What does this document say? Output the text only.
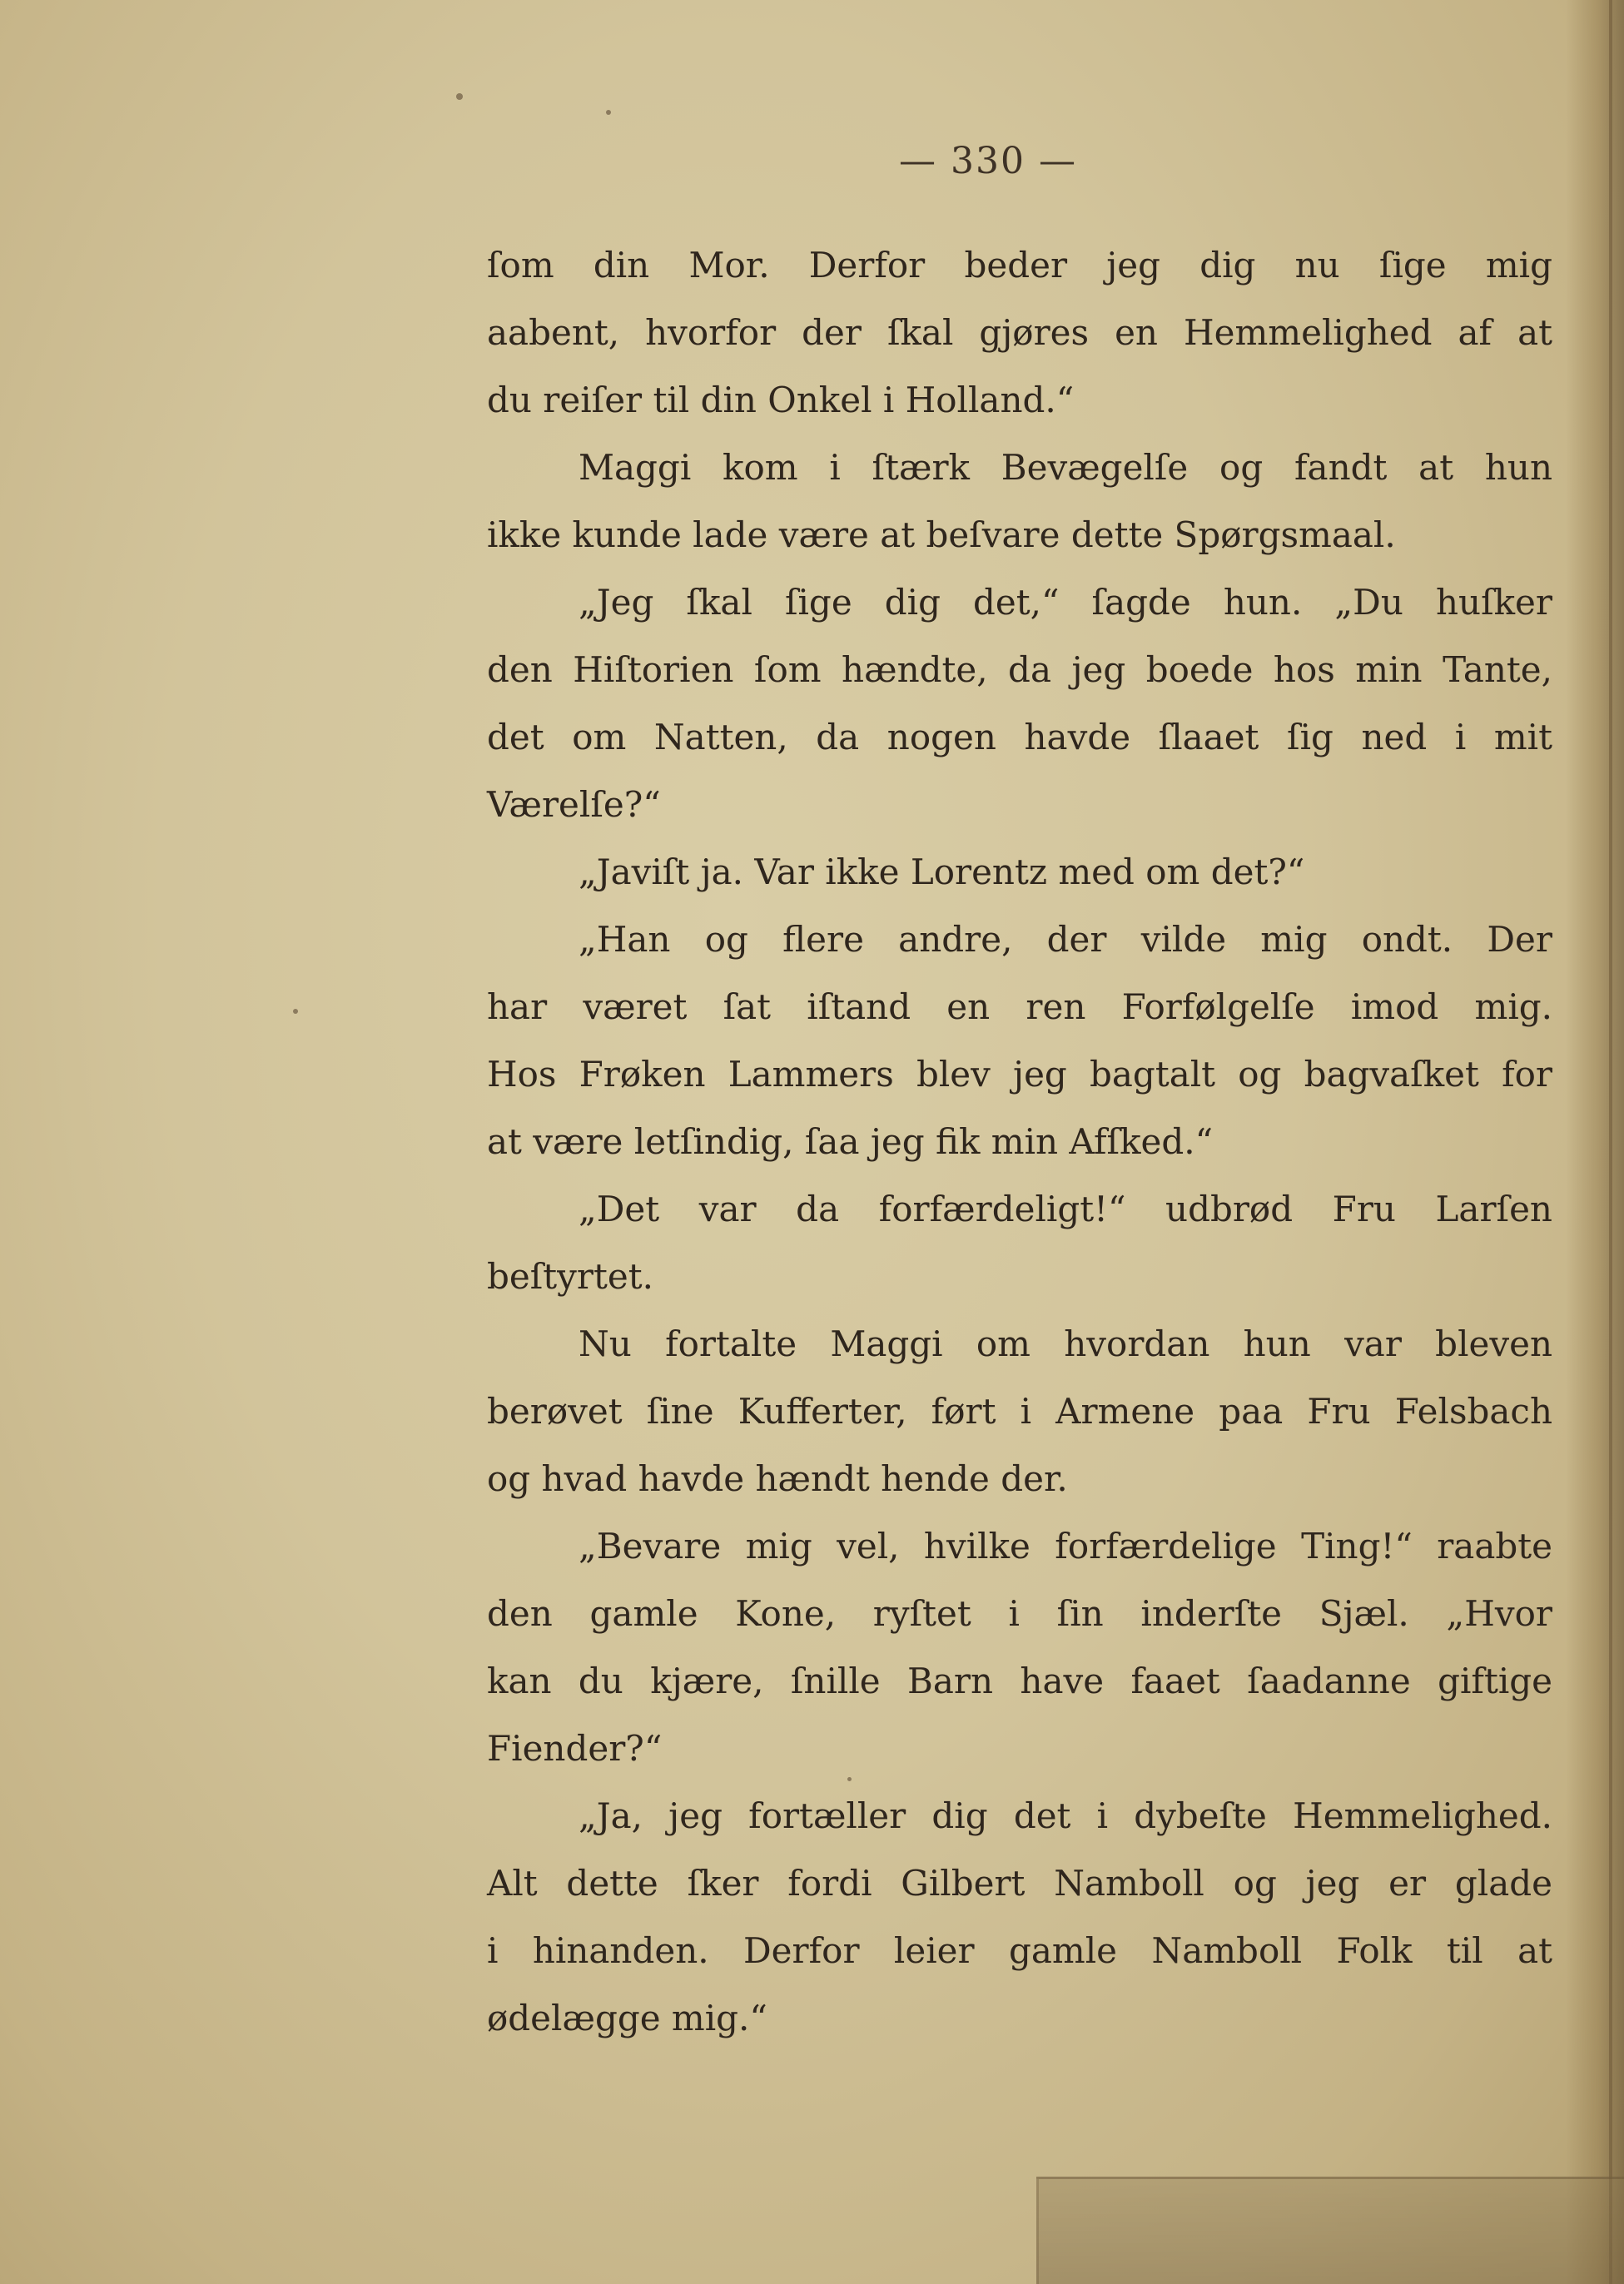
— 330 —
ſom din Mor. Derfor beder jeg dig nu ſige mig
aabent, hvorfor der ſkal gjøres en Hemmelighed af at
du reiſer til din Onkel i Holland.“
Maggi kom i ſtærk Bevægelſe og fandt at hun
ikke kunde lade være at beſvare dette Spørgsmaal.
„Jeg ſkal ſige dig det,“ ſagde hun. „Du huſker
den Hiſtorien ſom hændte, da jeg boede hos min Tante,
det om Natten, da nogen havde ſlaaet ſig ned i mit
Værelſe?“
„Javiſt ja. Var ikke Lorentz med om det?“
„Han og flere andre, der vilde mig ondt. Der
har været ſat iſtand en ren Forfølgelſe imod mig.
Hos Frøken Lammers blev jeg bagtalt og bagvaſket for
at være letſindig, ſaa jeg fik min Afſked.“
„Det var da forfærdeligt!“ udbrød Fru Larſen
beſtyrtet.
Nu fortalte Maggi om hvordan hun var bleven
berøvet ſine Kufferter, ført i Armene paa Fru Felsbach
og hvad havde hændt hende der.
„Bevare mig vel, hvilke forfærdelige Ting!“ raabte
den gamle Kone, ryſtet i ſin inderſte Sjæl. „Hvor
kan du kjære, ſnille Barn have faaet ſaadanne giftige
Fiender?“
„Ja, jeg fortæller dig det i dybeſte Hemmelighed.
Alt dette ſker fordi Gilbert Namboll og jeg er glade
i hinanden. Derfor leier gamle Namboll Folk til at
ødelægge mig.“
